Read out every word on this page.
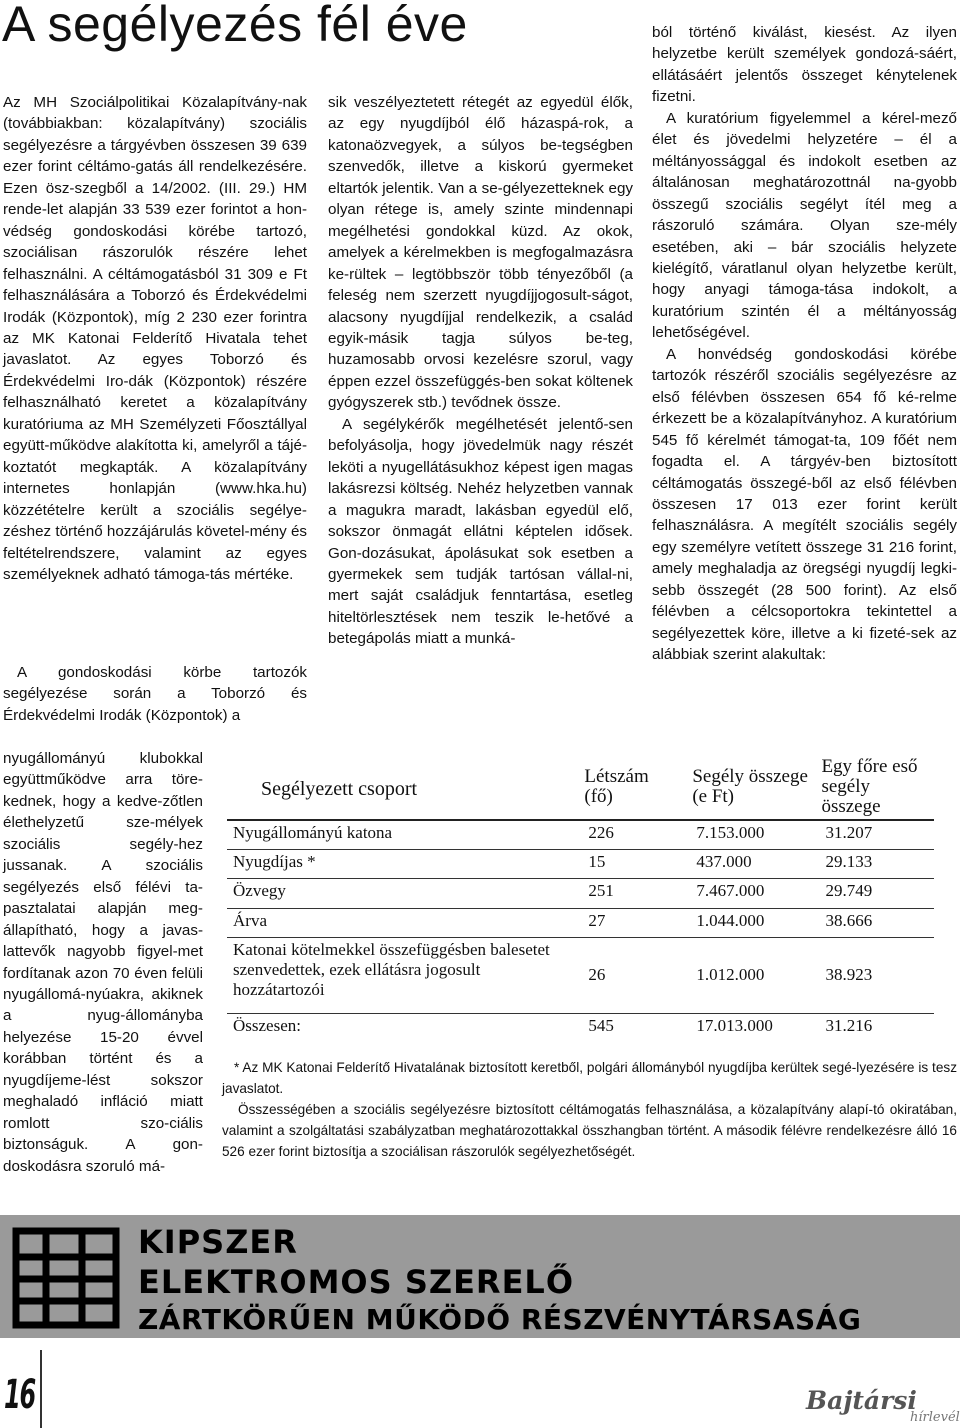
A segélyezés fél éve

Az MH Szociálpolitikai Közalapítvány-nak (továbbiakban: közalapítvány) szociális segélyezésre a tárgyévben összesen 39 639 ezer forint céltámo-gatás áll rendelkezésére. Ezen ösz-szegből a 14/2002. (III. 29.) HM rende-let alapján 33 539 ezer forintot a hon-védség gondoskodási körébe tartozó, szociálisan rászorulók részére lehet felhasználni. A céltámogatásból 31 309 e Ft felhasználására a Toborzó és Érdekvédelmi Irodák (Központok), míg 2 230 ezer forintra az MK Katonai Felderítő Hivatala tehet javaslatot. Az egyes Toborzó és Érdekvédelmi Iro-dák (Központok) részére felhasználható keretet a közalapítvány kuratóriuma az MH Személyzeti Főosztállyal együtt-működve alakította ki, amelyről a tájé-koztatót megkapták. A közalapítvány internetes honlapján (www.hka.hu) közzétételre került a szociális segélye-zéshez történő hozzájárulás követel-mény és feltételrendszere, valamint az egyes személyeknek adható támoga-tás mértéke.

A gondoskodási körbe tartozók segélyezése során a Toborzó és Érdekvédelmi Irodák (Központok) a

nyugállományú klubokkal együttműködve arra töre-kednek, hogy a kedve-zőtlen élethelyzetű sze-mélyek szociális segély-hez jussanak. A szociális segélyezés első félévi ta-pasztalatai alapján meg-állapítható, hogy a javas-lattevők nagyobb figyel-met fordítanak azon 70 éven felüli nyugállomá-nyúakra, akiknek a nyug-állományba helyezése 15-20 évvel korábban történt és a nyugdíjeme-lést sokszor meghaladó infláció miatt romlott szo-ciális biztonságuk. A gon-doskodásra szoruló má-

sik veszélyeztetett rétegét az egyedül élők, az egy nyugdíjból élő házaspá-rok, a katonaözvegyek, a súlyos be-tegségben szenvedők, illetve a kiskorú gyermeket eltartók jelentik. Van a se-gélyezetteknek egy olyan rétege is, amely szinte mindennapi megélhetési gondokkal küzd. Az okok, amelyek a kérelmekben is megfogalmazásra ke-rültek – legtöbbször több tényezőből (a feleség nem szerzett nyugdíjjogosult-ságot, alacsony nyugdíjjal rendelkezik, a család egyik-másik tagja súlyos be-teg, huzamosabb orvosi kezelésre szorul, vagy éppen ezzel összefüggés-ben sokat költenek gyógyszerek stb.) tevődnek össze.

A segélykérők megélhetését jelentő-sen befolyásolja, hogy jövedelmük nagy részét leköti a nyugellátásukhoz képest igen magas lakásrezsi költség. Nehéz helyzetben vannak a magukra maradt, lakásban egyedül elő, sokszor önmagát ellátni képtelen idősek. Gon-dozásukat, ápolásukat sok esetben a gyermekek sem tudják tartósan vállal-ni, mert saját családjuk fenntartása, esetleg hiteltörlesztések nem teszik le-hetővé a betegápolás miatt a munká-

ból történő kiválást, kiesést. Az ilyen helyzetbe került személyek gondozá-sáért, ellátásáért jelentős összeget kénytelenek fizetni.

A kuratórium figyelemmel a kérel-mező élet és jövedelmi helyzetére – él a méltányossággal és indokolt esetben az általánosan meghatározottnál na-gyobb összegű szociális segélyt ítél meg a rászoruló számára. Olyan sze-mély esetében, aki – bár szociális helyzete kielégítő, váratlanul olyan helyzetbe került, hogy anyagi támoga-tása indokolt, a kuratórium szintén él a méltányosság lehetőségével.

A honvédség gondoskodási körébe tartozók részéről szociális segélyezésre az első félévben összesen 654 fő ké-relme érkezett be a közalapítványhoz. A kuratórium 545 fő kérelmét támogat-ta, 109 főét nem fogadta el. A tárgyév-ben biztosított céltámogatás összegé-ből az első félévben összesen 17 013 ezer forint került felhasználásra. A megítélt szociális segély egy személyre vetített összege 31 216 forint, amely meghaladja az öregségi nyugdíj legki-sebb összegét (28 500 forint). Az első félévben a célcsoportokra tekintettel a segélyezettek köre, illetve a ki fizeté-sek az alábbiak szerint alakultak:

Segélyezett csoport	Létszám (fő)	Segély összege (e Ft)	Egy főre eső segély összege
Nyugállományú katona	226	7.153.000	31.207
Nyugdíjas *	15	437.000	29.133
Özvegy	251	7.467.000	29.749
Árva	27	1.044.000	38.666
Katonai kötelmekkel összefüggésben balesetet szenvedettek, ezek ellátásra jogosult hozzátartozói	26	1.012.000	38.923
Összesen:	545	17.013.000	31.216

* Az MK Katonai Felderítő Hivatalának biztosított keretből, polgári állományból nyugdíjba kerültek segé-lyezésére is tesz javaslatot.

Összességében a szociális segélyezésre biztosított céltámogatás felhasználása, a közalapítvány alapí-tó okiratában, valamint a szolgáltatási szabályzatban meghatározottakkal összhangban történt. A második félévre rendelkezésre álló 16 526 ezer forint biztosítja a szociálisan rászorulók segélyezhetőségét.

KIPSZER
ELEKTROMOS SZERELŐ
ZÁRTKÖRŰEN MŰKÖDŐ RÉSZVÉNYTÁRSASÁG
16	Bajtársi
hírlevél
